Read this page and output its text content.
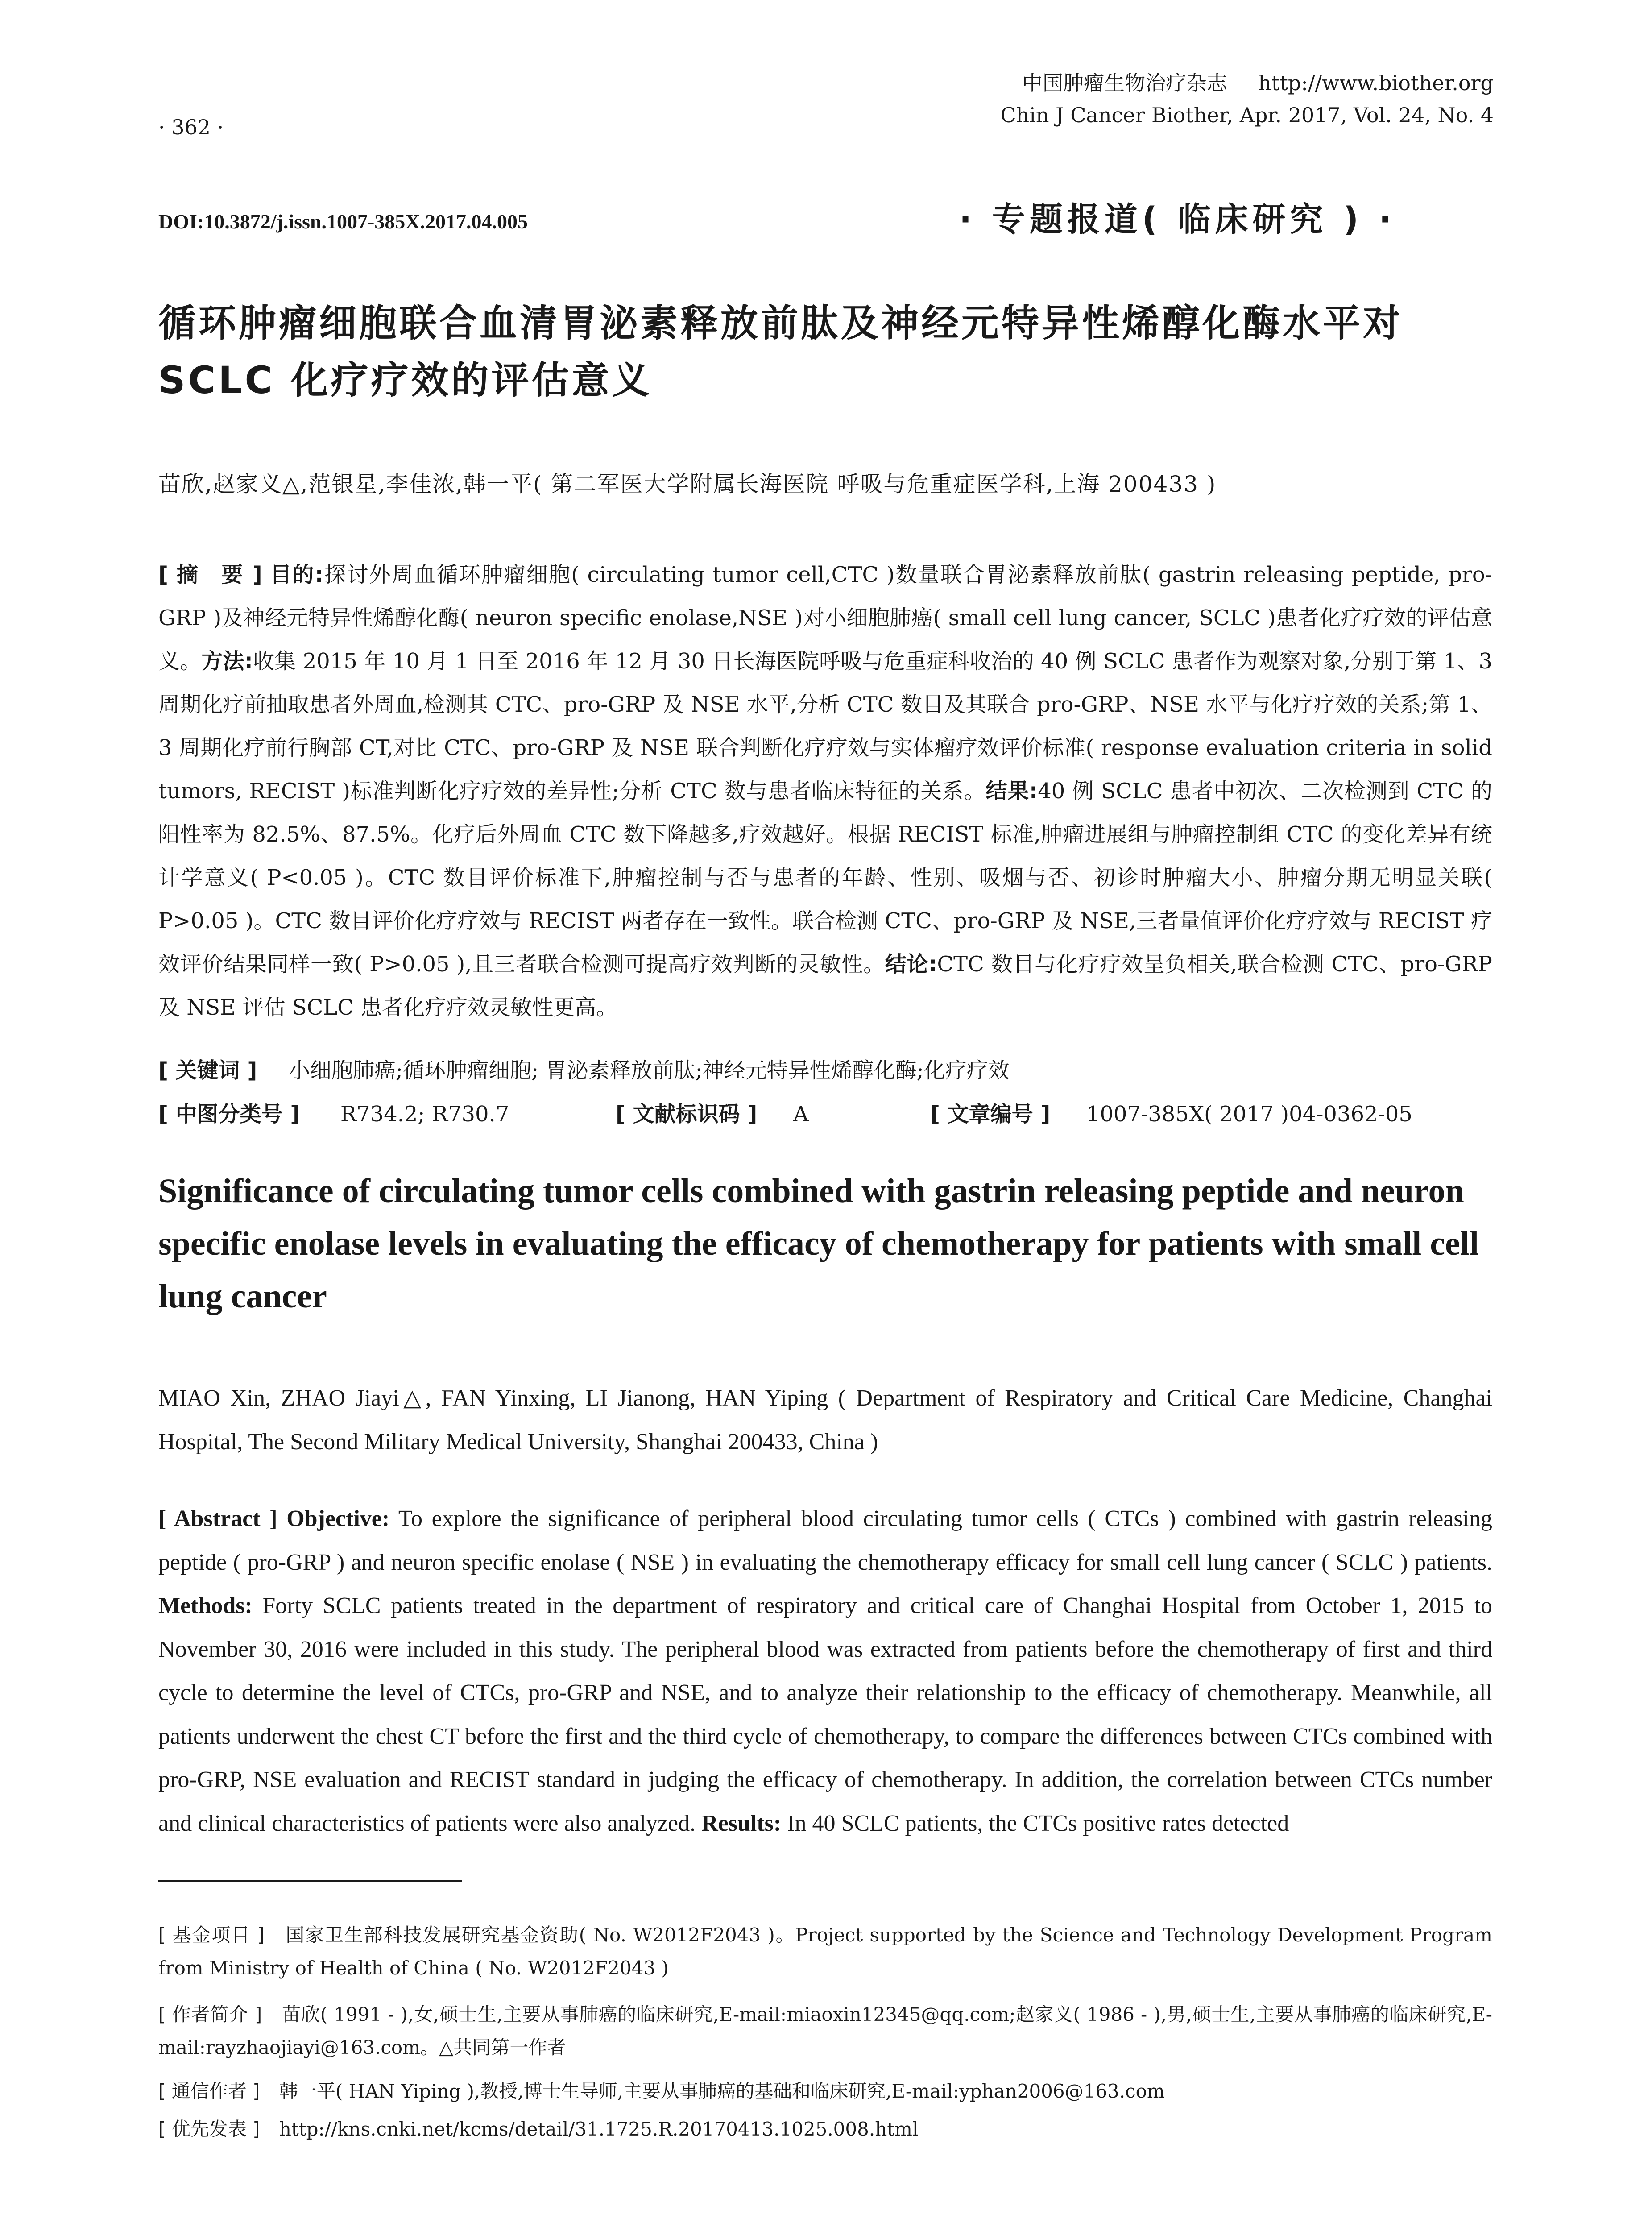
中国肿瘤生物治疗杂志 http://www.biother.org
Chin J Cancer Biother, Apr. 2017, Vol. 24, No. 4
· 362 ·
DOI:10.3872/j.issn.1007-385X.2017.04.005	· 专题报道( 临床研究 ) ·
循环肿瘤细胞联合血清胃泌素释放前肽及神经元特异性烯醇化酶水平对 SCLC 化疗疗效的评估意义
苗欣,赵家义△,范银星,李佳浓,韩一平( 第二军医大学附属长海医院 呼吸与危重症医学科,上海 200433 )
[ 摘　要 ] 目的:探讨外周血循环肿瘤细胞( circulating tumor cell,CTC )数量联合胃泌素释放前肽( gastrin releasing peptide, pro-GRP )及神经元特异性烯醇化酶( neuron specific enolase,NSE )对小细胞肺癌( small cell lung cancer, SCLC )患者化疗疗效的评估意义。方法:收集 2015 年 10 月 1 日至 2016 年 12 月 30 日长海医院呼吸与危重症科收治的 40 例 SCLC 患者作为观察对象,分别于第 1、3 周期化疗前抽取患者外周血,检测其 CTC、pro-GRP 及 NSE 水平,分析 CTC 数目及其联合 pro-GRP、NSE 水平与化疗疗效的关系;第 1、3 周期化疗前行胸部 CT,对比 CTC、pro-GRP 及 NSE 联合判断化疗疗效与实体瘤疗效评价标准( response evaluation criteria in solid tumors, RECIST )标准判断化疗疗效的差异性;分析 CTC 数与患者临床特征的关系。结果:40 例 SCLC 患者中初次、二次检测到 CTC 的阳性率为 82.5%、87.5%。化疗后外周血 CTC 数下降越多,疗效越好。根据 RECIST 标准,肿瘤进展组与肿瘤控制组 CTC 的变化差异有统计学意义( P<0.05 )。CTC 数目评价标准下,肿瘤控制与否与患者的年龄、性别、吸烟与否、初诊时肿瘤大小、肿瘤分期无明显关联( P>0.05 )。CTC 数目评价化疗疗效与 RECIST 两者存在一致性。联合检测 CTC、pro-GRP 及 NSE,三者量值评价化疗疗效与 RECIST 疗效评价结果同样一致( P>0.05 ),且三者联合检测可提高疗效判断的灵敏性。结论:CTC 数目与化疗疗效呈负相关,联合检测 CTC、pro-GRP 及 NSE 评估 SCLC 患者化疗疗效灵敏性更高。
[ 关键词 ] 小细胞肺癌;循环肿瘤细胞; 胃泌素释放前肽;神经元特异性烯醇化酶;化疗疗效
[ 中图分类号 ] R734.2; R730.7	[ 文献标识码 ] A	[ 文章编号 ] 1007-385X( 2017 )04-0362-05
Significance of circulating tumor cells combined with gastrin releasing peptide and neuron specific enolase levels in evaluating the efficacy of chemotherapy for patients with small cell lung cancer
MIAO Xin, ZHAO Jiayi△, FAN Yinxing, LI Jianong, HAN Yiping ( Department of Respiratory and Critical Care Medicine, Changhai Hospital, The Second Military Medical University, Shanghai 200433, China )
[ Abstract ] Objective: To explore the significance of peripheral blood circulating tumor cells ( CTCs ) combined with gastrin releasing peptide ( pro-GRP ) and neuron specific enolase ( NSE ) in evaluating the chemotherapy efficacy for small cell lung cancer ( SCLC ) patients. Methods: Forty SCLC patients treated in the department of respiratory and critical care of Changhai Hospital from October 1, 2015 to November 30, 2016 were included in this study. The peripheral blood was extracted from patients before the chemotherapy of first and third cycle to determine the level of CTCs, pro-GRP and NSE, and to analyze their relationship to the efficacy of chemotherapy. Meanwhile, all patients underwent the chest CT before the first and the third cycle of chemotherapy, to compare the differences between CTCs combined with pro-GRP, NSE evaluation and RECIST standard in judging the efficacy of chemotherapy. In addition, the correlation between CTCs number and clinical characteristics of patients were also analyzed. Results: In 40 SCLC patients, the CTCs positive rates detected
[ 基金项目 ] 国家卫生部科技发展研究基金资助( No. W2012F2043 )。Project supported by the Science and Technology Development Program from Ministry of Health of China ( No. W2012F2043 )
[ 作者简介 ] 苗欣( 1991 - ),女,硕士生,主要从事肺癌的临床研究,E-mail:miaoxin12345@qq.com;赵家义( 1986 - ),男,硕士生,主要从事肺癌的临床研究,E-mail:rayzhaojiayi@163.com。△共同第一作者
[ 通信作者 ] 韩一平( HAN Yiping ),教授,博士生导师,主要从事肺癌的基础和临床研究,E-mail:yphan2006@163.com
[ 优先发表 ] http://kns.cnki.net/kcms/detail/31.1725.R.20170413.1025.008.html
